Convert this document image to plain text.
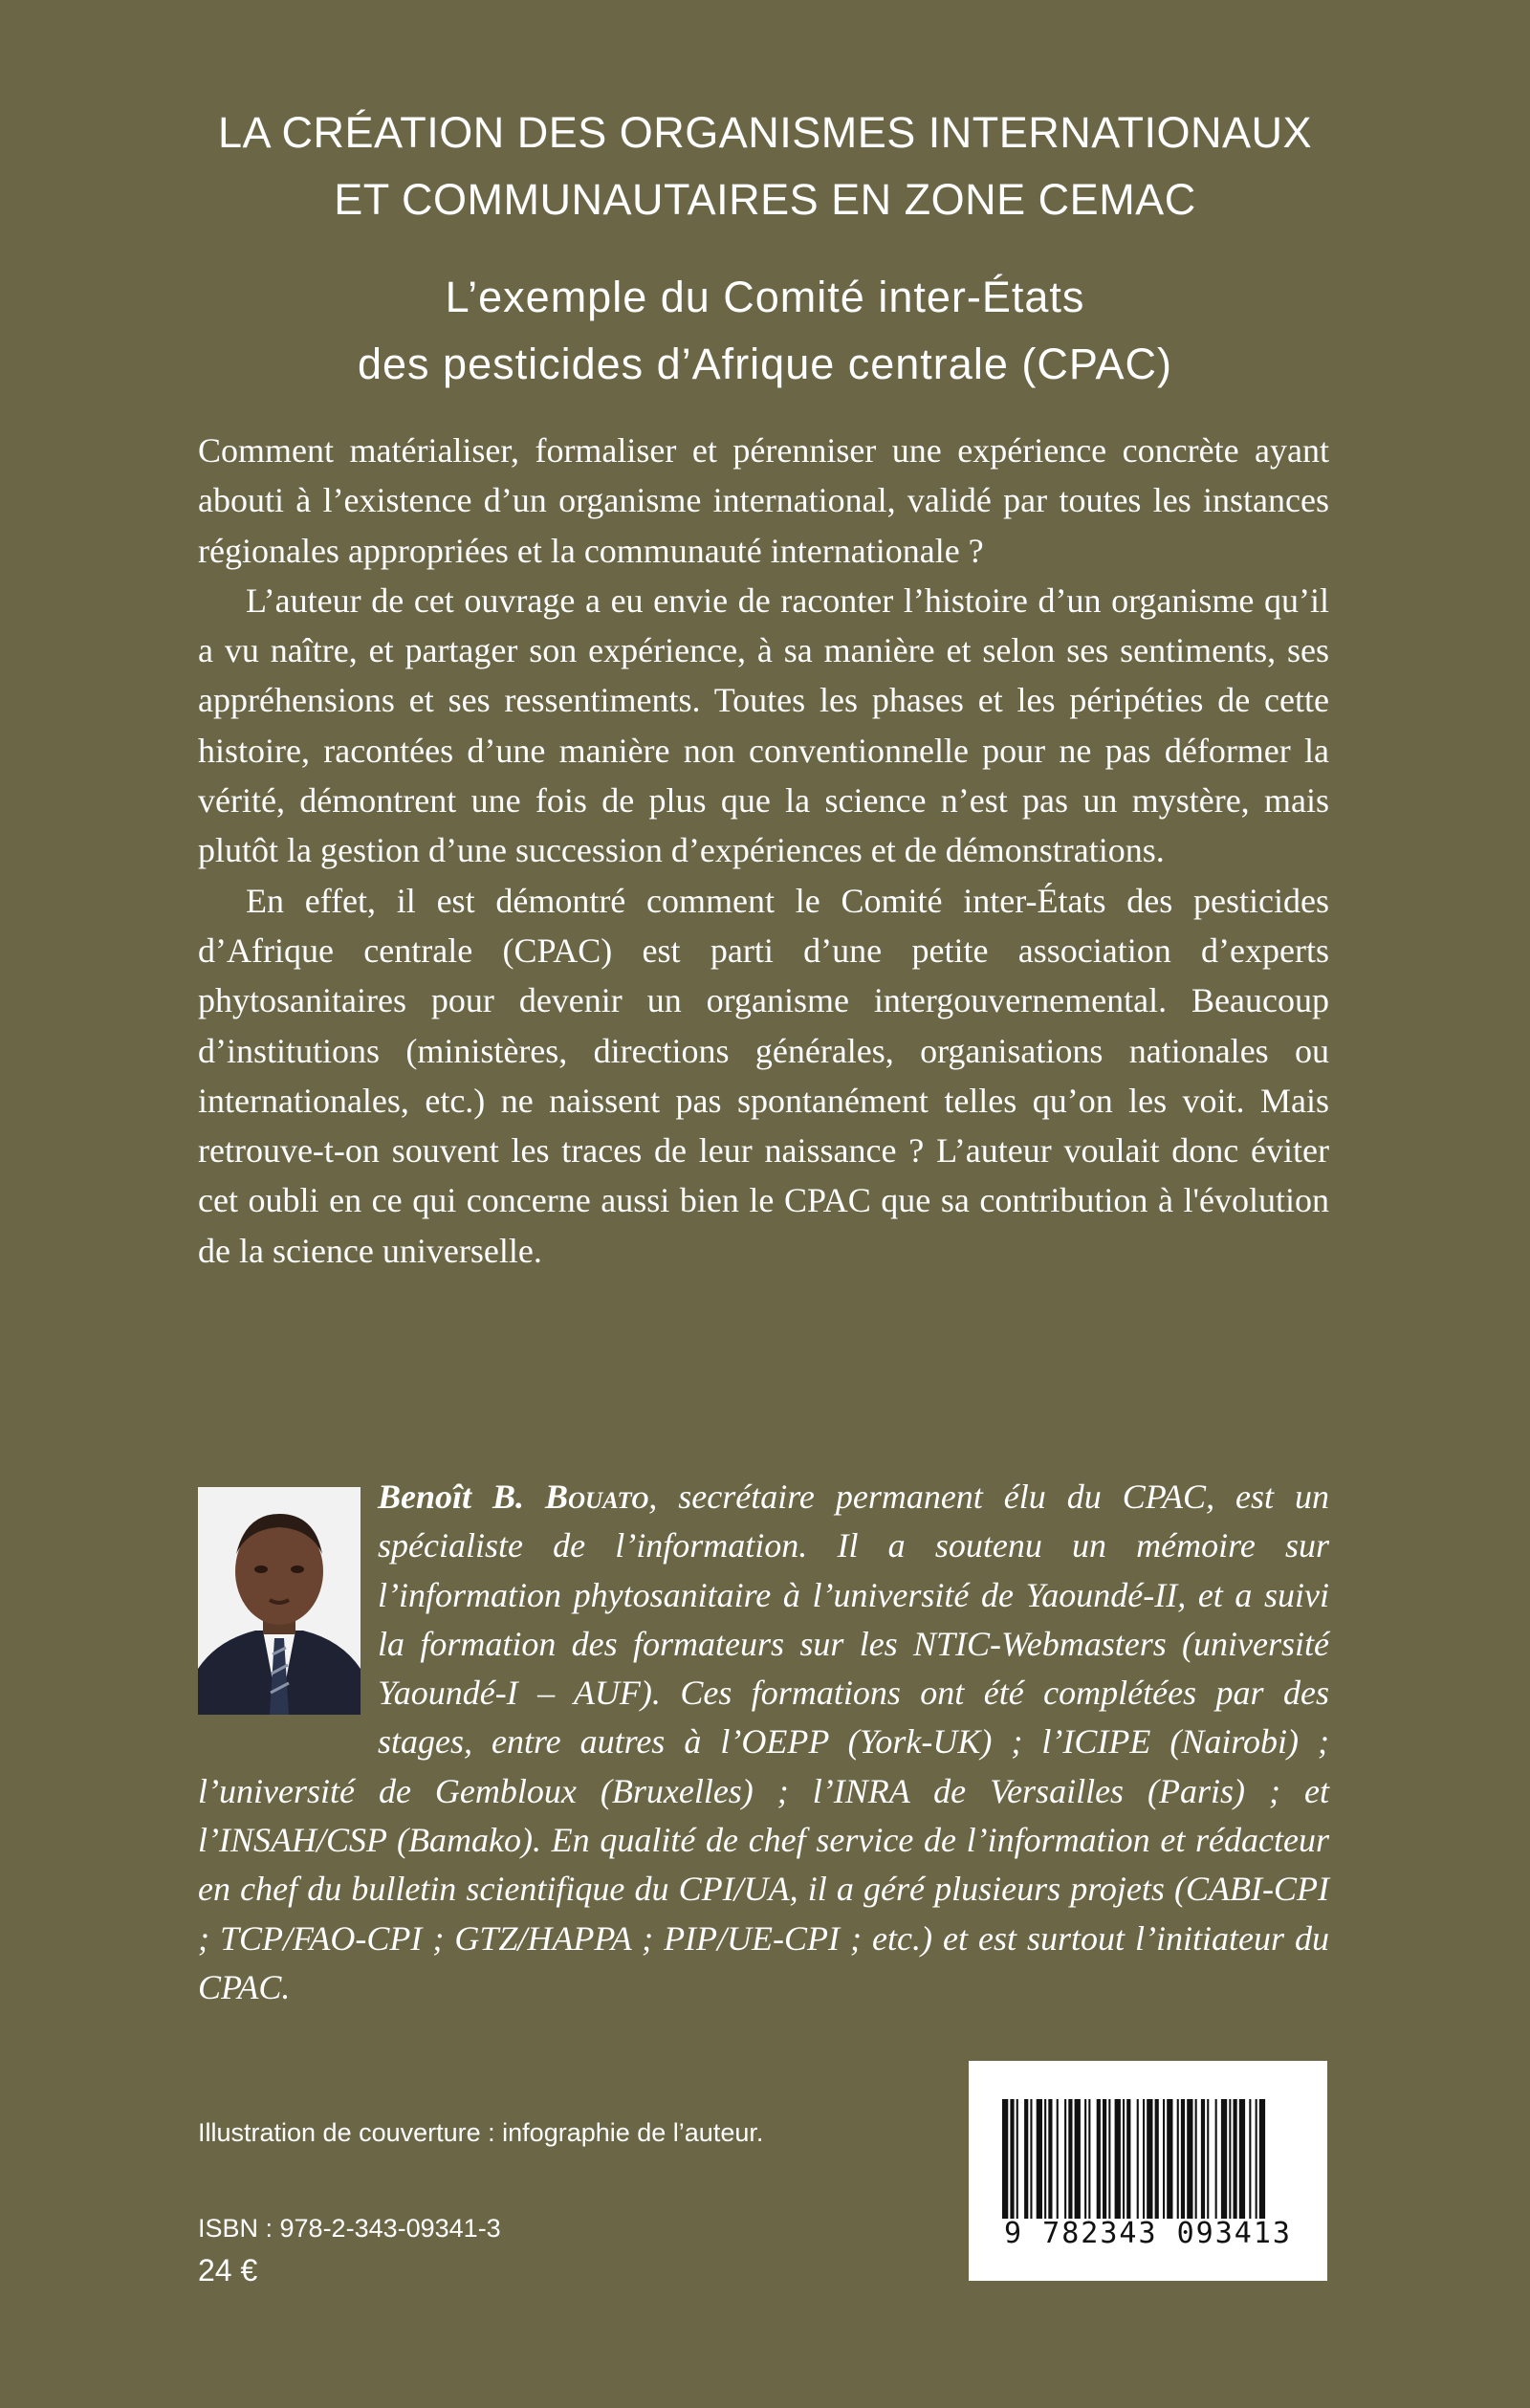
LA CRÉATION DES ORGANISMES INTERNATIONAUX
ET COMMUNAUTAIRES EN ZONE CEMAC
L’exemple du Comité inter-États
des pesticides d’Afrique centrale (CPAC)

Comment matérialiser, formaliser et pérenniser une expérience concrète ayant abouti à l’existence d’un organisme international, validé par toutes les instances régionales appropriées et la communauté internationale ?

L’auteur de cet ouvrage a eu envie de raconter l’histoire d’un organisme qu’il a vu naître, et partager son expérience, à sa manière et selon ses sentiments, ses appréhensions et ses ressentiments. Toutes les phases et les péripéties de cette histoire, racontées d’une manière non conventionnelle pour ne pas déformer la vérité, démontrent une fois de plus que la science n’est pas un mystère, mais plutôt la gestion d’une succession d’expériences et de démonstrations.

En effet, il est démontré comment le Comité inter-États des pesticides d’Afrique centrale (CPAC) est parti d’une petite association d’experts phytosanitaires pour devenir un organisme intergouvernemental. Beaucoup d’institutions (ministères, directions générales, organisations nationales ou internationales, etc.) ne naissent pas spontanément telles qu’on les voit. Mais retrouve-t-on souvent les traces de leur naissance ? L’auteur voulait donc éviter cet oubli en ce qui concerne aussi bien le CPAC que sa contribution à l'évolution de la science universelle.

Benoît B. Bouato, secrétaire permanent élu du CPAC, est un spécialiste de l’information. Il a soutenu un mémoire sur l’information phytosanitaire à l’université de Yaoundé-II, et a suivi la formation des formateurs sur les NTIC-Webmasters (université Yaoundé-I – AUF). Ces formations ont été complétées par des stages, entre autres à l’OEPP (York-UK) ; l’ICIPE (Nairobi) ; l’université de Gembloux (Bruxelles) ; l’INRA de Versailles (Paris) ; et l’INSAH/CSP (Bamako). En qualité de chef service de l’information et rédacteur en chef du bulletin scientifique du CPI/UA, il a géré plusieurs projets (CABI-CPI ; TCP/FAO-CPI ; GTZ/HAPPA ; PIP/UE-CPI ; etc.) et est surtout l’initiateur du CPAC.
Illustration de couverture : infographie de l’auteur.
ISBN : 978-2-343-09341-3
24 €
9 782343 093413
